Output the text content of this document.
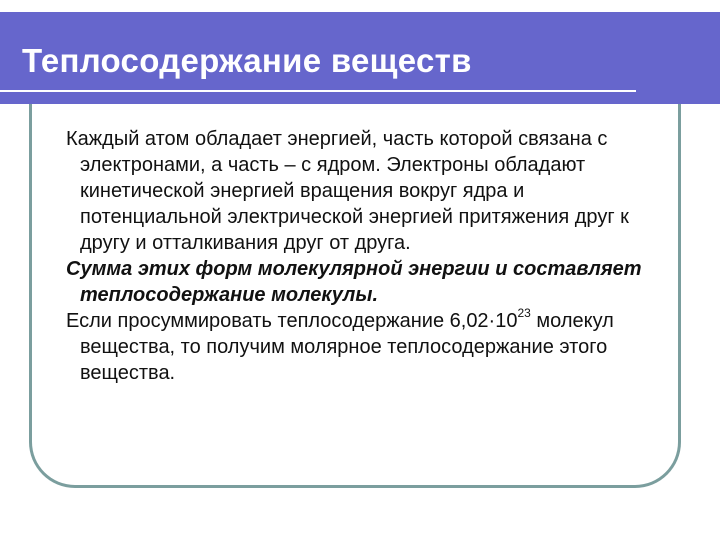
Теплосодержание веществ

Каждый атом обладает энергией, часть которой связана с электронами, а часть – с ядром. Электроны обладают кинетической энергией вращения вокруг ядра и потенциальной электрической энергией притяжения друг к другу и отталкивания друг от друга.

Сумма этих форм молекулярной энергии и составляет теплосодержание молекулы.

Если просуммировать теплосодержание $6,02\cdot 10^{23}$ молекул вещества, то получим молярное теплосодержание этого вещества.
